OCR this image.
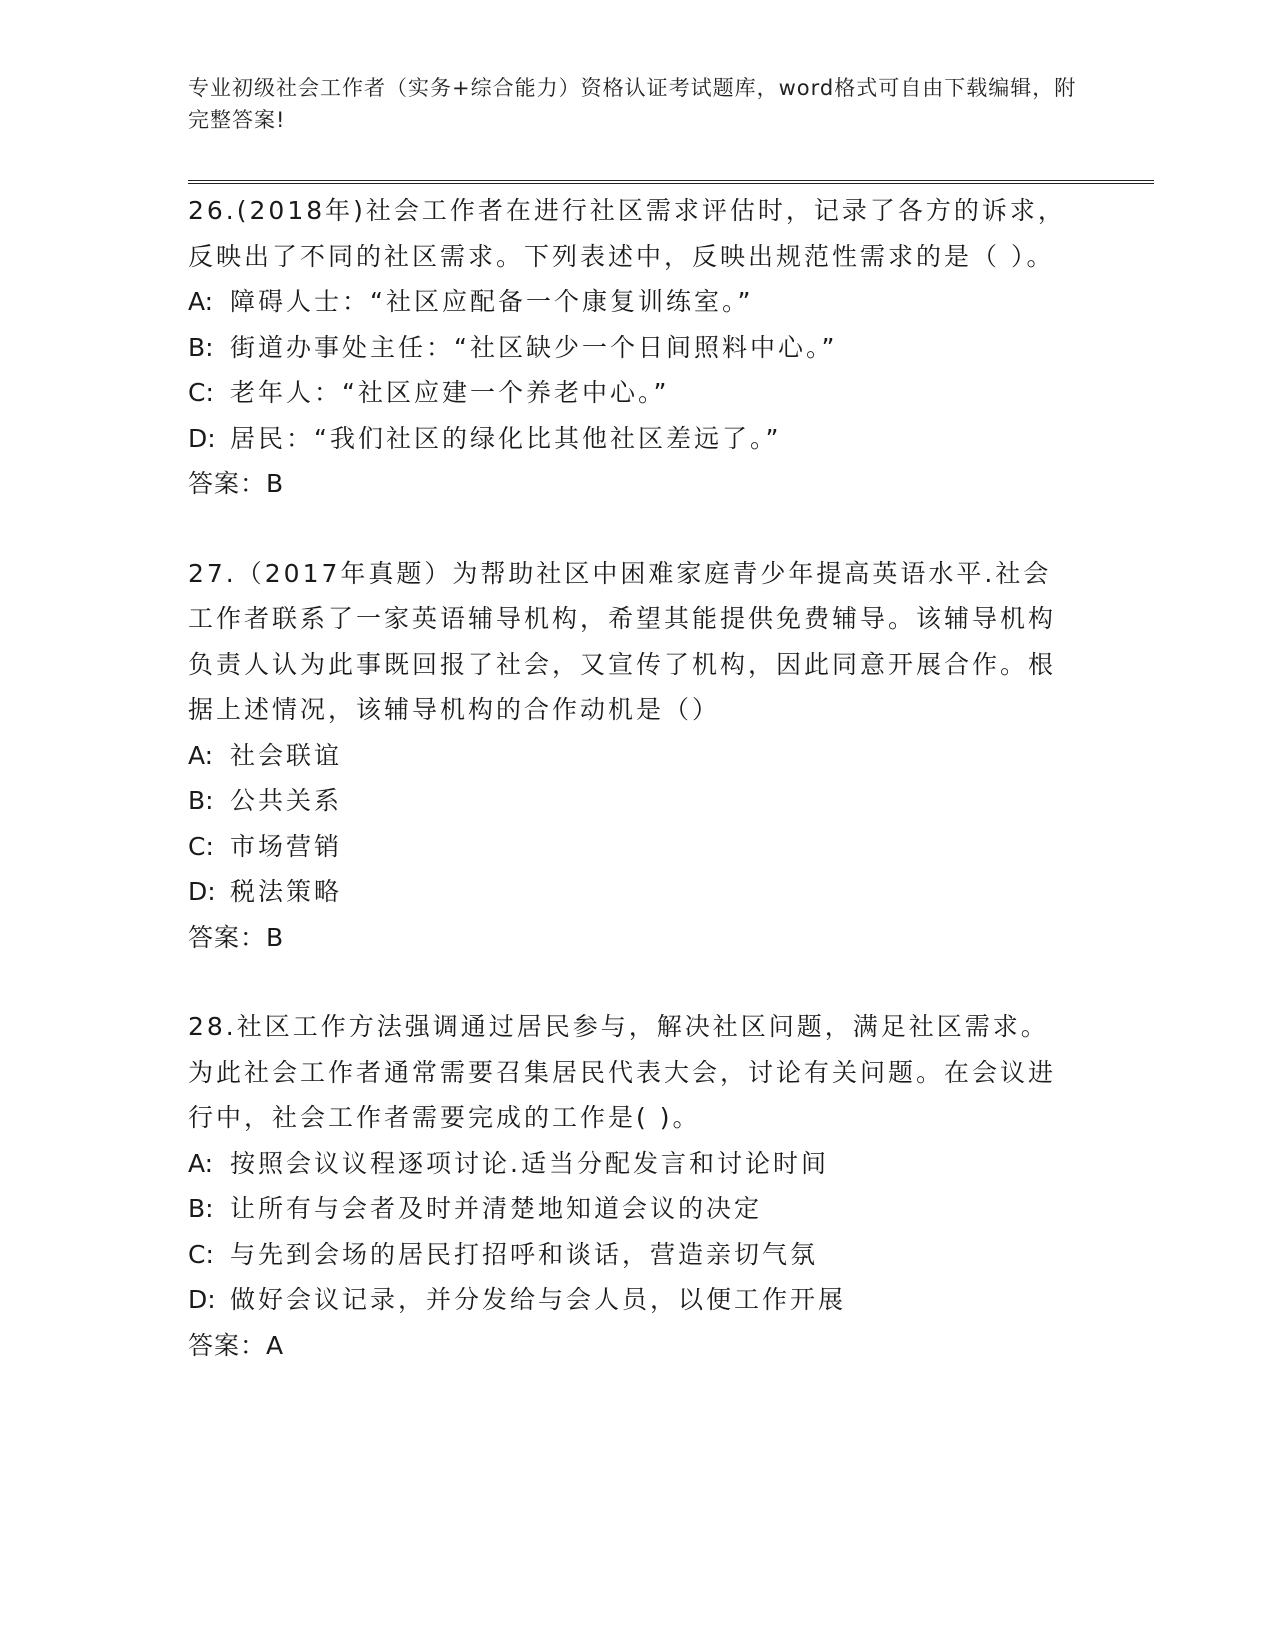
专业初级社会工作者（实务+综合能力）资格认证考试题库，word格式可自由下载编辑，附完整答案!

26.(2018年)社会工作者在进行社区需求评估时，记录了各方的诉求，反映出了不同的社区需求。下列表述中，反映出规范性需求的是（ ）。

A: 障碍人士：“社区应配备一个康复训练室。”

B: 街道办事处主任：“社区缺少一个日间照料中心。”

C: 老年人：“社区应建一个养老中心。”

D: 居民：“我们社区的绿化比其他社区差远了。”

答案：B

27.（2017年真题）为帮助社区中困难家庭青少年提高英语水平.社会工作者联系了一家英语辅导机构，希望其能提供免费辅导。该辅导机构负责人认为此事既回报了社会，又宣传了机构，因此同意开展合作。根据上述情况，该辅导机构的合作动机是（）

A: 社会联谊

B: 公共关系

C: 市场营销

D: 税法策略

答案：B

28.社区工作方法强调通过居民参与，解决社区问题，满足社区需求。为此社会工作者通常需要召集居民代表大会，讨论有关问题。在会议进行中，社会工作者需要完成的工作是( )。

A: 按照会议议程逐项讨论.适当分配发言和讨论时间

B: 让所有与会者及时并清楚地知道会议的决定

C: 与先到会场的居民打招呼和谈话，营造亲切气氛

D: 做好会议记录，并分发给与会人员，以便工作开展

答案：A
